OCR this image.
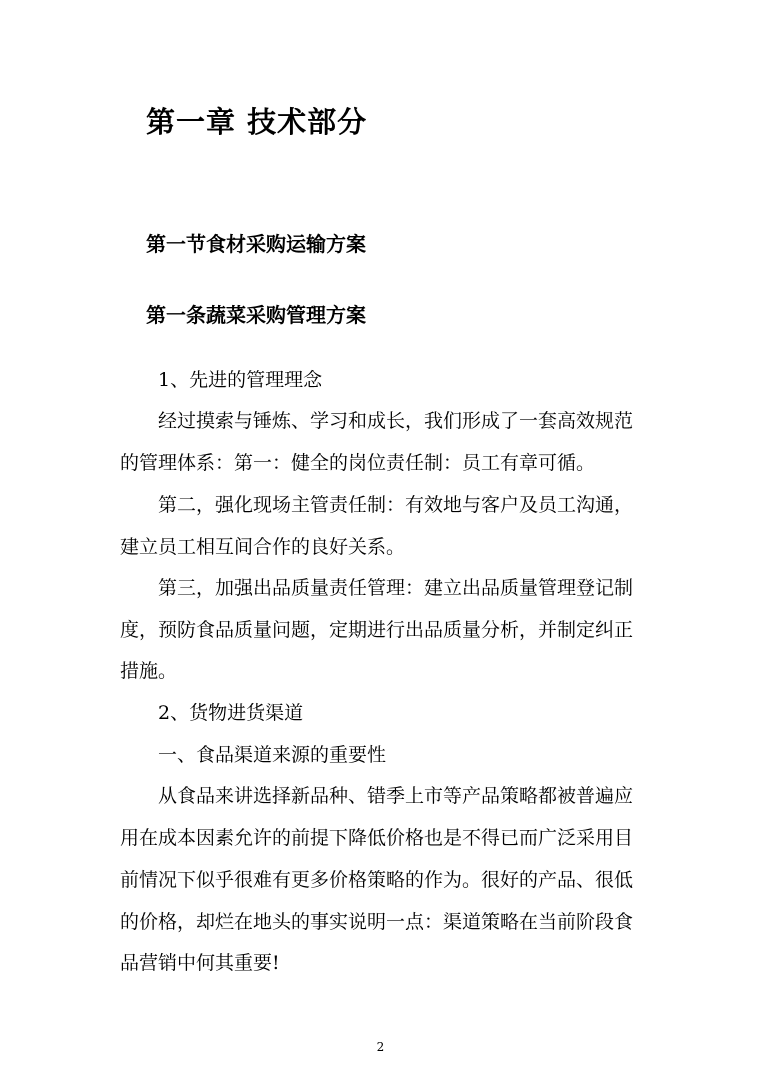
第一章 技术部分
第一节食材采购运输方案
第一条蔬菜采购管理方案
1、先进的管理理念
经过摸索与锤炼、学习和成长，我们形成了一套高效规范
的管理体系：第一：健全的岗位责任制：员工有章可循。
第二，强化现场主管责任制：有效地与客户及员工沟通，
建立员工相互间合作的良好关系。
第三，加强出品质量责任管理：建立出品质量管理登记制
度，预防食品质量问题，定期进行出品质量分析，并制定纠正
措施。
2、货物进货渠道
一、食品渠道来源的重要性
从食品来讲选择新品种、错季上市等产品策略都被普遍应
用在成本因素允许的前提下降低价格也是不得已而广泛采用目
前情况下似乎很难有更多价格策略的作为。很好的产品、很低
的价格，却烂在地头的事实说明一点：渠道策略在当前阶段食
品营销中何其重要!
2
